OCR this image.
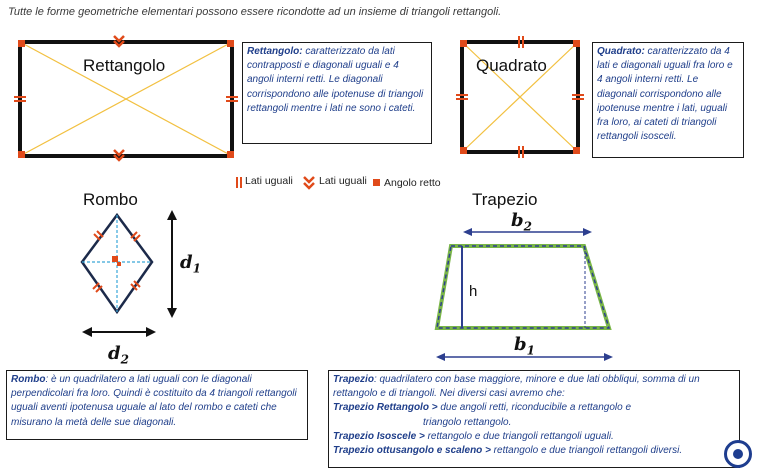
Tutte le forme geometriche elementari possono essere ricondotte ad un insieme di triangoli rettangoli.
Rettangolo	Quadrato
Rombo	Trapezio
Lati uguali Lati uguali Angolo retto
$d_1$
$d_2$
$b_2$
$b_1$
h
Rettangolo: caratterizzato da lati contrapposti e diagonali uguali e 4 angoli interni retti. Le diagonali corrispondono alle ipotenuse di triangoli rettangoli mentre i lati ne sono i cateti.
Quadrato: caratterizzato da 4 lati e diagonali uguali fra loro e 4 angoli interni retti. Le diagonali corrispondono alle ipotenuse mentre i lati, uguali fra loro, ai cateti di triangoli rettangoli isosceli.
Rombo: è un quadrilatero a lati uguali con le diagonali perpendicolari fra loro. Quindi è costituito da 4 triangoli rettangoli uguali aventi ipotenusa uguale al lato del rombo e cateti che misurano la metà delle sue diagonali.
Trapezio: quadrilatero con base maggiore, minore e due lati obbliqui, somma di un rettangolo e di triangoli. Nei diversi casi avremo che:
Trapezio Rettangolo > due angoli retti, riconducibile a rettangolo e
triangolo rettangolo.
Trapezio Isoscele > rettangolo e due triangoli rettangoli uguali.
Trapezio ottusangolo e scaleno > rettangolo e due triangoli rettangoli diversi.
